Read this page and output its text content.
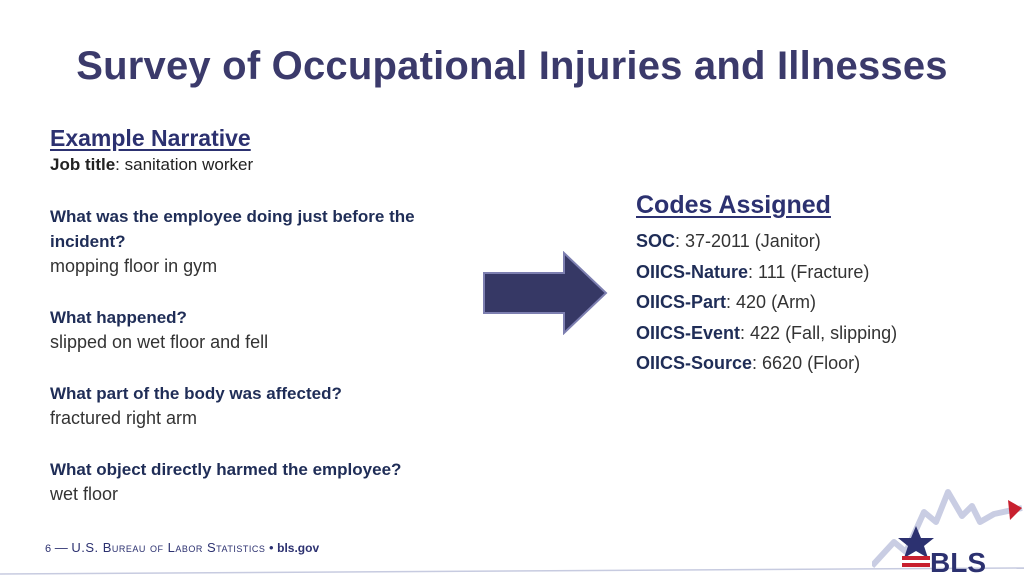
Survey of Occupational Injuries and Illnesses
Example Narrative
Job title: sanitation worker
What was the employee doing just before the incident?
mopping floor in gym
What happened?
slipped on wet floor and fell
What part of the body was affected?
fractured right arm
What object directly harmed the employee?
wet floor
Codes Assigned
SOC: 37-2011 (Janitor)
OIICS-Nature: 111 (Fracture)
OIICS-Part: 420 (Arm)
OIICS-Event: 422 (Fall, slipping)
OIICS-Source: 6620 (Floor)
6 — U.S. Bureau of Labor Statistics • bls.gov	BLS
